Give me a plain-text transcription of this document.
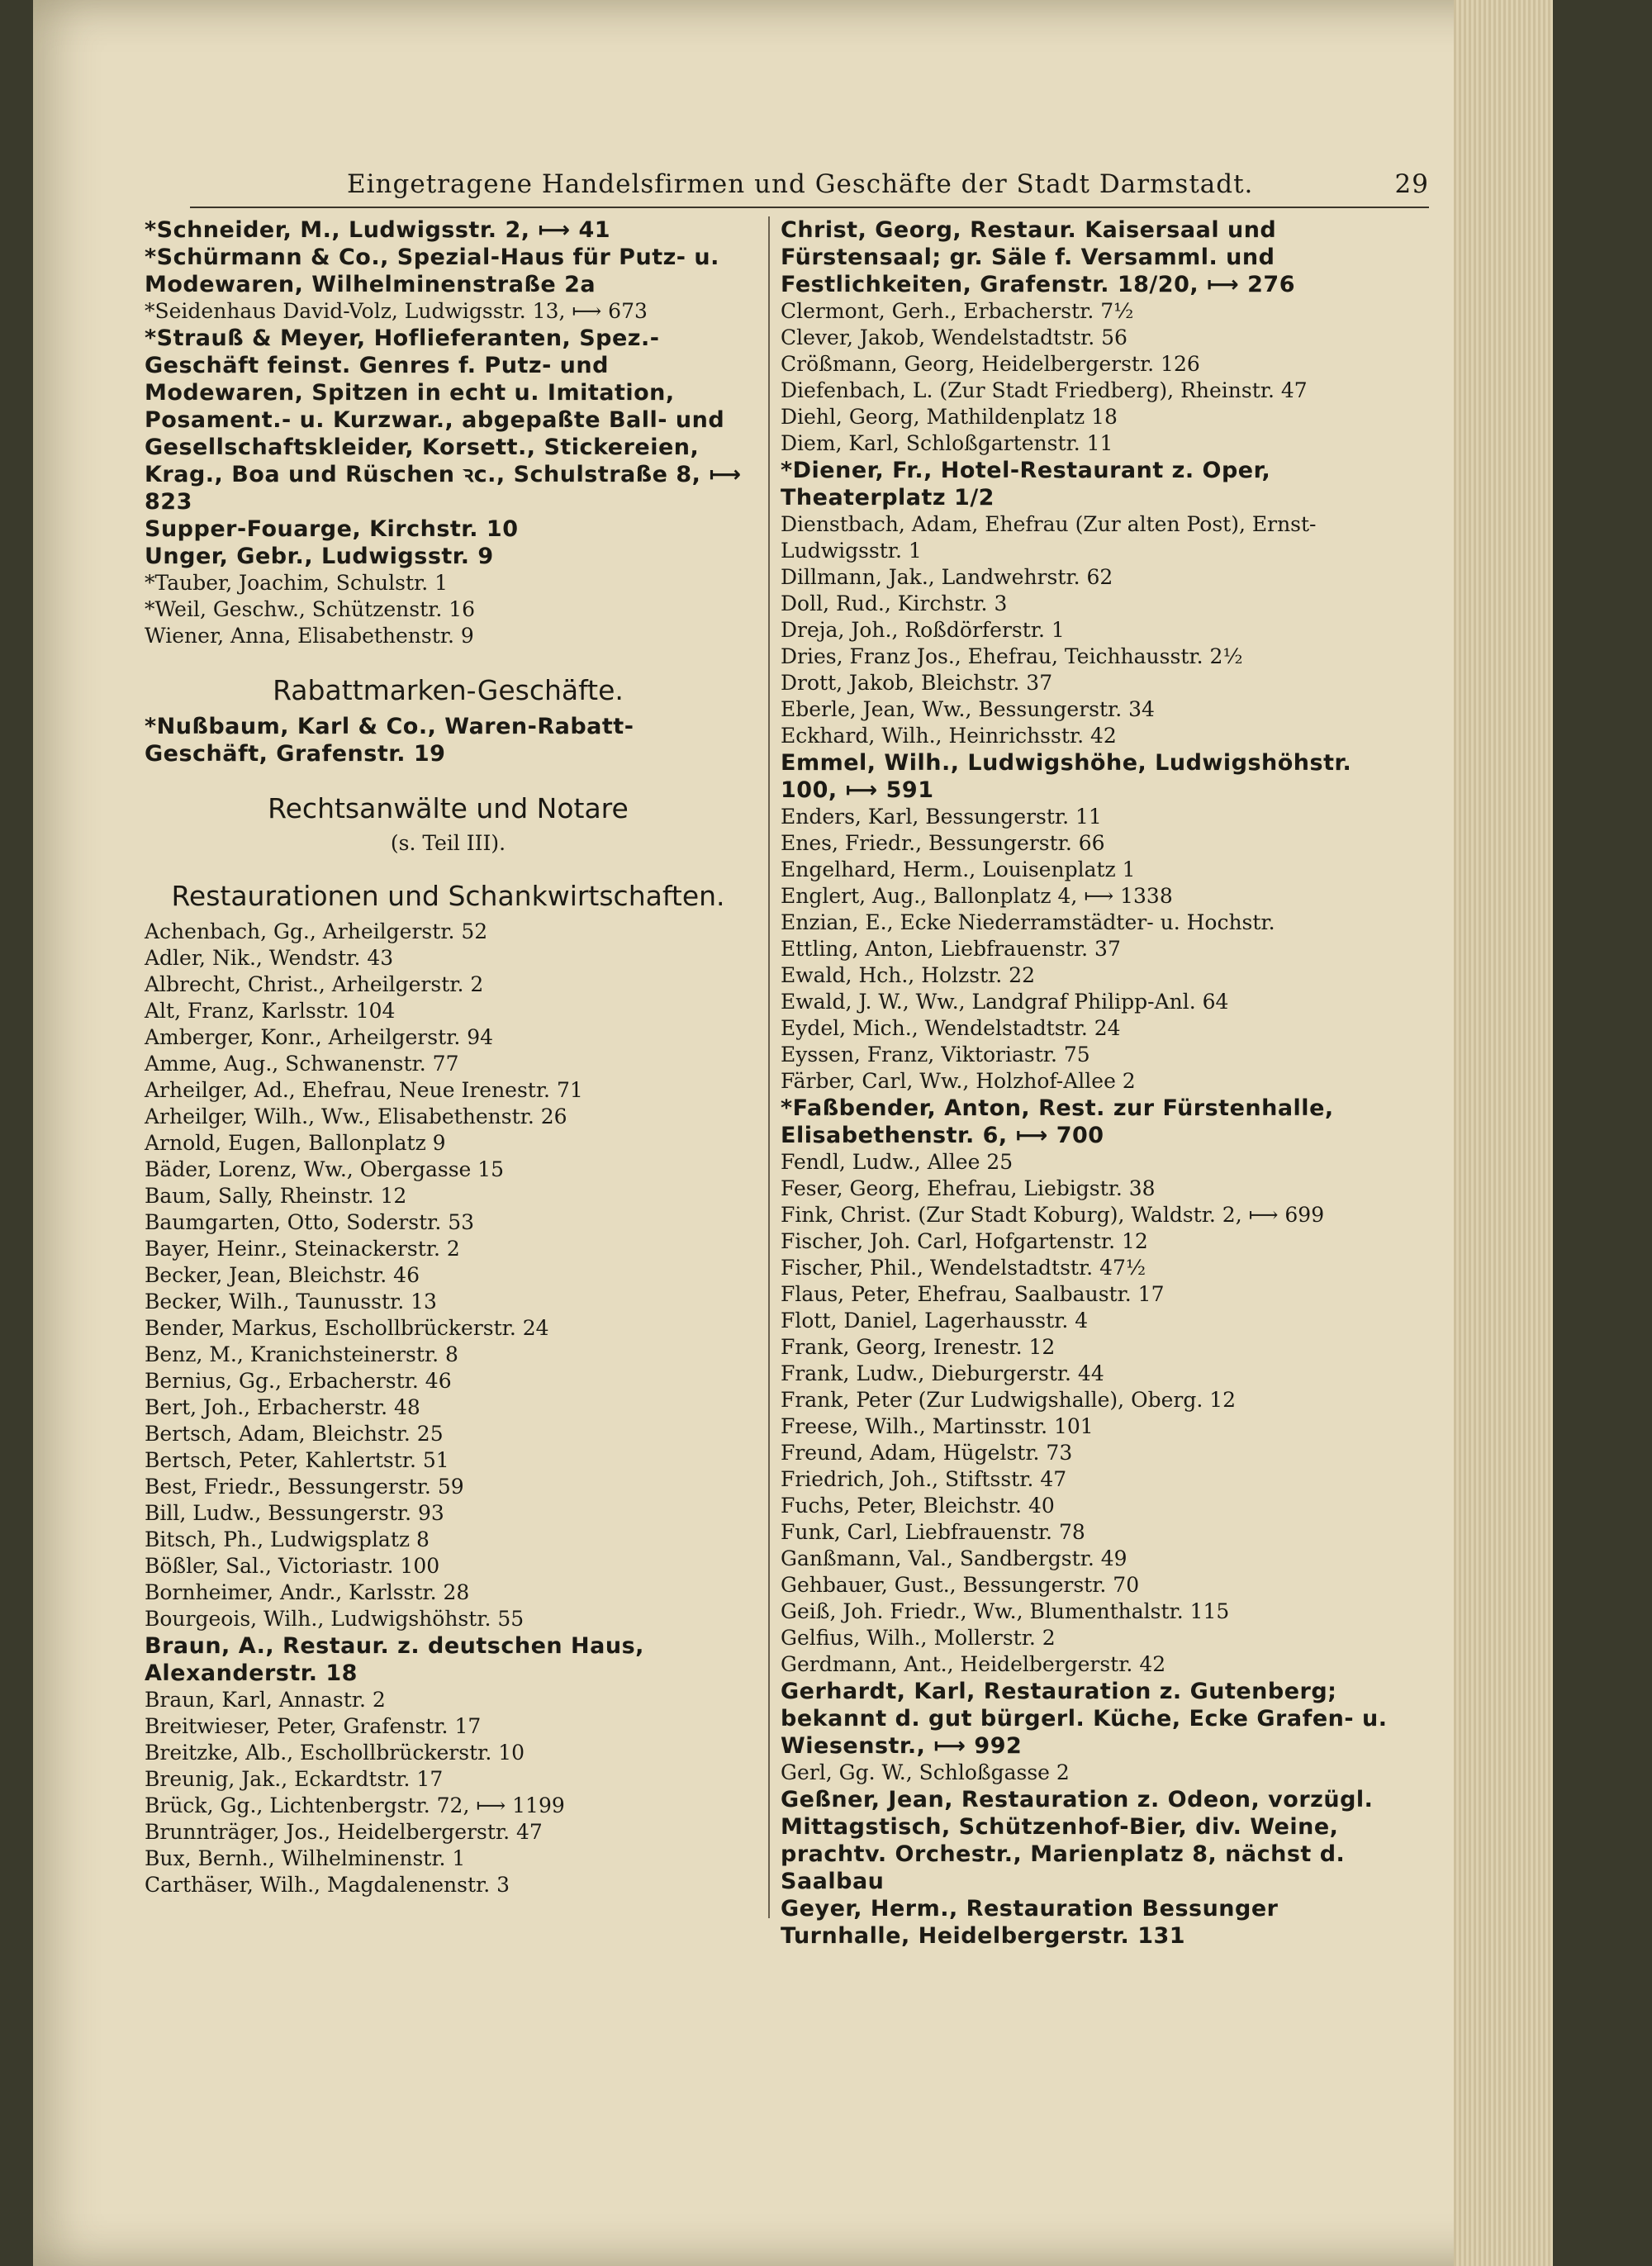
Eingetragene Handelsfirmen und Geschäfte der Stadt Darmstadt.	29
*Schneider, M., Ludwigsstr. 2, ⟼ 41
*Schürmann & Co., Spezial-Haus für Putz- u. Modewaren, Wilhelminenstraße 2a
*Seidenhaus David-Volz, Ludwigsstr. 13, ⟼ 673
*Strauß & Meyer, Hoflieferanten, Spez.-Geschäft feinst. Genres f. Putz- und Modewaren, Spitzen in echt u. Imitation, Posament.- u. Kurzwar., abgepaßte Ball- und Gesellschaftskleider, Korsett., Stickereien, Krag., Boa und Rüschen ꝛc., Schulstraße 8, ⟼ 823
Supper-Fouarge, Kirchstr. 10
Unger, Gebr., Ludwigsstr. 9
*Tauber, Joachim, Schulstr. 1
*Weil, Geschw., Schützenstr. 16
Wiener, Anna, Elisabethenstr. 9
Rabattmarken-Geschäfte.
*Nußbaum, Karl & Co., Waren-Rabatt-Geschäft, Grafenstr. 19
Rechtsanwälte und Notare
(s. Teil III).
Restaurationen und Schankwirtschaften.
Achenbach, Gg., Arheilgerstr. 52
Adler, Nik., Wendstr. 43
Albrecht, Christ., Arheilgerstr. 2
Alt, Franz, Karlsstr. 104
Amberger, Konr., Arheilgerstr. 94
Amme, Aug., Schwanenstr. 77
Arheilger, Ad., Ehefrau, Neue Irenestr. 71
Arheilger, Wilh., Ww., Elisabethenstr. 26
Arnold, Eugen, Ballonplatz 9
Bäder, Lorenz, Ww., Obergasse 15
Baum, Sally, Rheinstr. 12
Baumgarten, Otto, Soderstr. 53
Bayer, Heinr., Steinackerstr. 2
Becker, Jean, Bleichstr. 46
Becker, Wilh., Taunusstr. 13
Bender, Markus, Eschollbrückerstr. 24
Benz, M., Kranichsteinerstr. 8
Bernius, Gg., Erbacherstr. 46
Bert, Joh., Erbacherstr. 48
Bertsch, Adam, Bleichstr. 25
Bertsch, Peter, Kahlertstr. 51
Best, Friedr., Bessungerstr. 59
Bill, Ludw., Bessungerstr. 93
Bitsch, Ph., Ludwigsplatz 8
Bößler, Sal., Victoriastr. 100
Bornheimer, Andr., Karlsstr. 28
Bourgeois, Wilh., Ludwigshöhstr. 55
Braun, A., Restaur. z. deutschen Haus, Alexanderstr. 18
Braun, Karl, Annastr. 2
Breitwieser, Peter, Grafenstr. 17
Breitzke, Alb., Eschollbrückerstr. 10
Breunig, Jak., Eckardtstr. 17
Brück, Gg., Lichtenbergstr. 72, ⟼ 1199
Brunnträger, Jos., Heidelbergerstr. 47
Bux, Bernh., Wilhelminenstr. 1
Carthäser, Wilh., Magdalenenstr. 3
Christ, Georg, Restaur. Kaisersaal und Fürstensaal; gr. Säle f. Versamml. und Festlichkeiten, Grafenstr. 18/20, ⟼ 276
Clermont, Gerh., Erbacherstr. 7½
Clever, Jakob, Wendelstadtstr. 56
Crößmann, Georg, Heidelbergerstr. 126
Diefenbach, L. (Zur Stadt Friedberg), Rheinstr. 47
Diehl, Georg, Mathildenplatz 18
Diem, Karl, Schloßgartenstr. 11
*Diener, Fr., Hotel-Restaurant z. Oper, Theaterplatz 1/2
Dienstbach, Adam, Ehefrau (Zur alten Post), Ernst-Ludwigsstr. 1
Dillmann, Jak., Landwehrstr. 62
Doll, Rud., Kirchstr. 3
Dreja, Joh., Roßdörferstr. 1
Dries, Franz Jos., Ehefrau, Teichhausstr. 2½
Drott, Jakob, Bleichstr. 37
Eberle, Jean, Ww., Bessungerstr. 34
Eckhard, Wilh., Heinrichsstr. 42
Emmel, Wilh., Ludwigshöhe, Ludwigshöhstr. 100, ⟼ 591
Enders, Karl, Bessungerstr. 11
Enes, Friedr., Bessungerstr. 66
Engelhard, Herm., Louisenplatz 1
Englert, Aug., Ballonplatz 4, ⟼ 1338
Enzian, E., Ecke Niederramstädter- u. Hochstr.
Ettling, Anton, Liebfrauenstr. 37
Ewald, Hch., Holzstr. 22
Ewald, J. W., Ww., Landgraf Philipp-Anl. 64
Eydel, Mich., Wendelstadtstr. 24
Eyssen, Franz, Viktoriastr. 75
Färber, Carl, Ww., Holzhof-Allee 2
*Faßbender, Anton, Rest. zur Fürstenhalle, Elisabethenstr. 6, ⟼ 700
Fendl, Ludw., Allee 25
Feser, Georg, Ehefrau, Liebigstr. 38
Fink, Christ. (Zur Stadt Koburg), Waldstr. 2, ⟼ 699
Fischer, Joh. Carl, Hofgartenstr. 12
Fischer, Phil., Wendelstadtstr. 47½
Flaus, Peter, Ehefrau, Saalbaustr. 17
Flott, Daniel, Lagerhausstr. 4
Frank, Georg, Irenestr. 12
Frank, Ludw., Dieburgerstr. 44
Frank, Peter (Zur Ludwigshalle), Oberg. 12
Freese, Wilh., Martinsstr. 101
Freund, Adam, Hügelstr. 73
Friedrich, Joh., Stiftsstr. 47
Fuchs, Peter, Bleichstr. 40
Funk, Carl, Liebfrauenstr. 78
Ganßmann, Val., Sandbergstr. 49
Gehbauer, Gust., Bessungerstr. 70
Geiß, Joh. Friedr., Ww., Blumenthalstr. 115
Gelfius, Wilh., Mollerstr. 2
Gerdmann, Ant., Heidelbergerstr. 42
Gerhardt, Karl, Restauration z. Gutenberg; bekannt d. gut bürgerl. Küche, Ecke Grafen- u. Wiesenstr., ⟼ 992
Gerl, Gg. W., Schloßgasse 2
Geßner, Jean, Restauration z. Odeon, vorzügl. Mittagstisch, Schützenhof-Bier, div. Weine, prachtv. Orchestr., Marienplatz 8, nächst d. Saalbau
Geyer, Herm., Restauration Bessunger Turnhalle, Heidelbergerstr. 131
